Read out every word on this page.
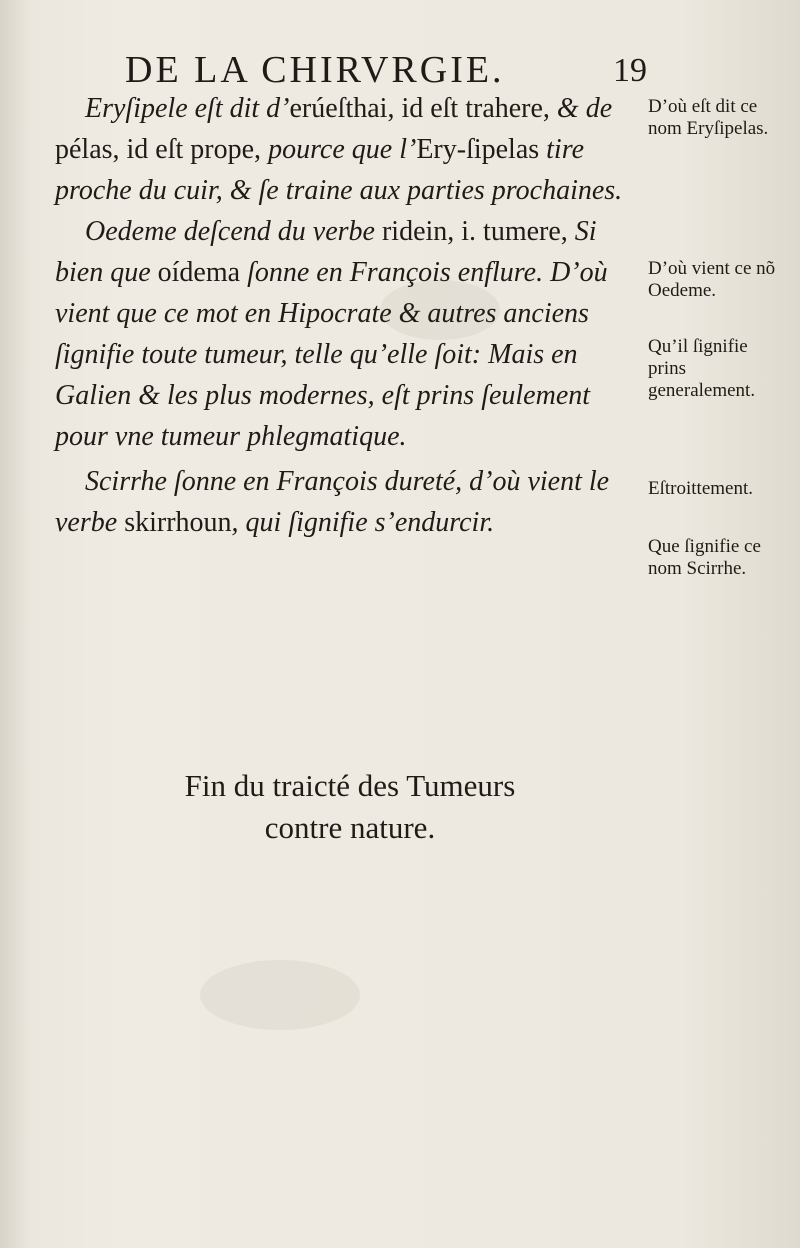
DE LA CHIRVRGIE.	19

Eryſipele eſt dit d’erúeſthai, id eſt trahere, & de pélas, id eſt prope, pource que l’Ery-ſipelas tire proche du cuir, & ſe traine aux parties prochaines.

Oedeme deſcend du verbe ridein, i. tumere, Si bien que oídema ſonne en François enflure. D’où vient que ce mot en Hipocrate & autres anciens ſignifie toute tumeur, telle qu’elle ſoit: Mais en Galien & les plus modernes, eſt prins ſeulement pour vne tumeur phlegmatique.

Scirrhe ſonne en François dureté, d’où vient le verbe skirrhoun, qui ſignifie s’endurcir.

D’où eſt dit ce nom Eryſipelas.

D’où vient ce nõ Oedeme.

Qu’il ſignifie prins generalement.

Eſtroittement.

Que ſignifie ce nom Scirrhe.

Fin du traicté des Tumeurs
contre nature.
